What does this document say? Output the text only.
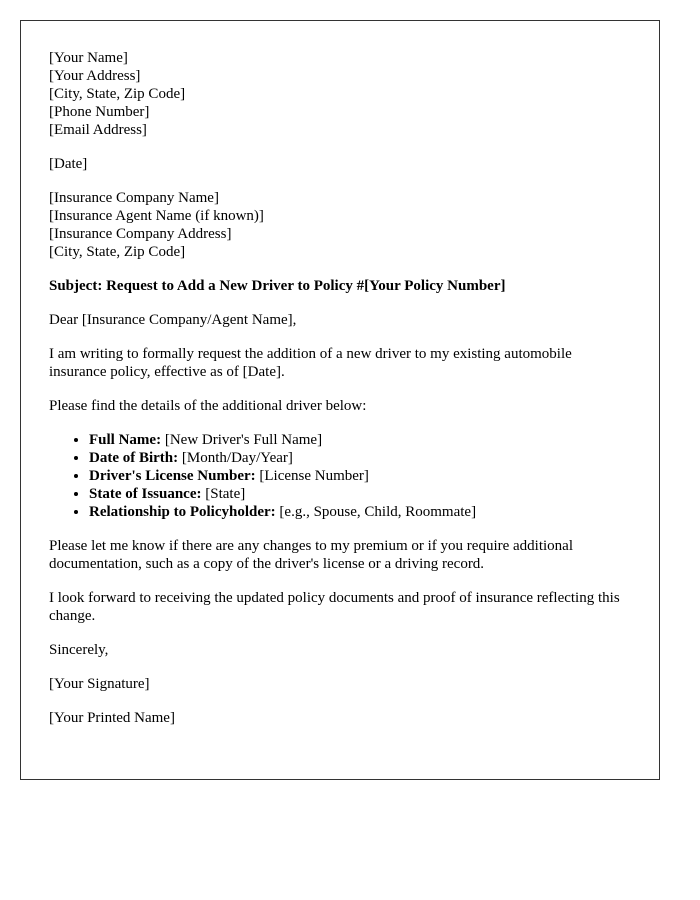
[Your Name]
[Your Address]
[City, State, Zip Code]
[Phone Number]
[Email Address]

[Date]

[Insurance Company Name]
[Insurance Agent Name (if known)]
[Insurance Company Address]
[City, State, Zip Code]

Subject: Request to Add a New Driver to Policy #[Your Policy Number]

Dear [Insurance Company/Agent Name],

I am writing to formally request the addition of a new driver to my existing automobile insurance policy, effective as of [Date].

Please find the details of the additional driver below:

• Full Name: [New Driver's Full Name]
• Date of Birth: [Month/Day/Year]
• Driver's License Number: [License Number]
• State of Issuance: [State]
• Relationship to Policyholder: [e.g., Spouse, Child, Roommate]

Please let me know if there are any changes to my premium or if you require additional documentation, such as a copy of the driver's license or a driving record.

I look forward to receiving the updated policy documents and proof of insurance reflecting this change.

Sincerely,

[Your Signature]

[Your Printed Name]
